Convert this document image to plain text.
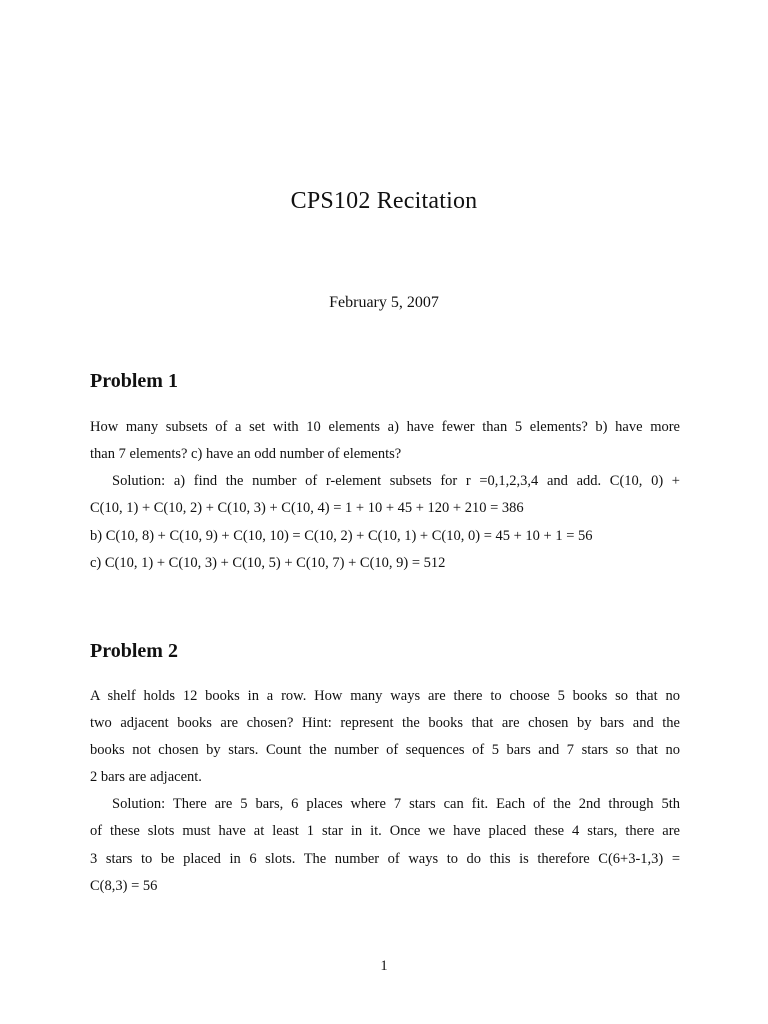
CPS102 Recitation
February 5, 2007
Problem 1
How many subsets of a set with 10 elements a) have fewer than 5 elements? b) have more
than 7 elements? c) have an odd number of elements?
Solution: a) find the number of r-element subsets for r =0,1,2,3,4 and add. C(10, 0) +
C(10, 1) + C(10, 2) + C(10, 3) + C(10, 4) = 1 + 10 + 45 + 120 + 210 = 386
b) C(10, 8) + C(10, 9) + C(10, 10) = C(10, 2) + C(10, 1) + C(10, 0) = 45 + 10 + 1 = 56
c) C(10, 1) + C(10, 3) + C(10, 5) + C(10, 7) + C(10, 9) = 512
Problem 2
A shelf holds 12 books in a row. How many ways are there to choose 5 books so that no
two adjacent books are chosen? Hint: represent the books that are chosen by bars and the
books not chosen by stars. Count the number of sequences of 5 bars and 7 stars so that no
2 bars are adjacent.
Solution: There are 5 bars, 6 places where 7 stars can fit. Each of the 2nd through 5th
of these slots must have at least 1 star in it. Once we have placed these 4 stars, there are
3 stars to be placed in 6 slots. The number of ways to do this is therefore C(6+3-1,3) =
C(8,3) = 56
1
